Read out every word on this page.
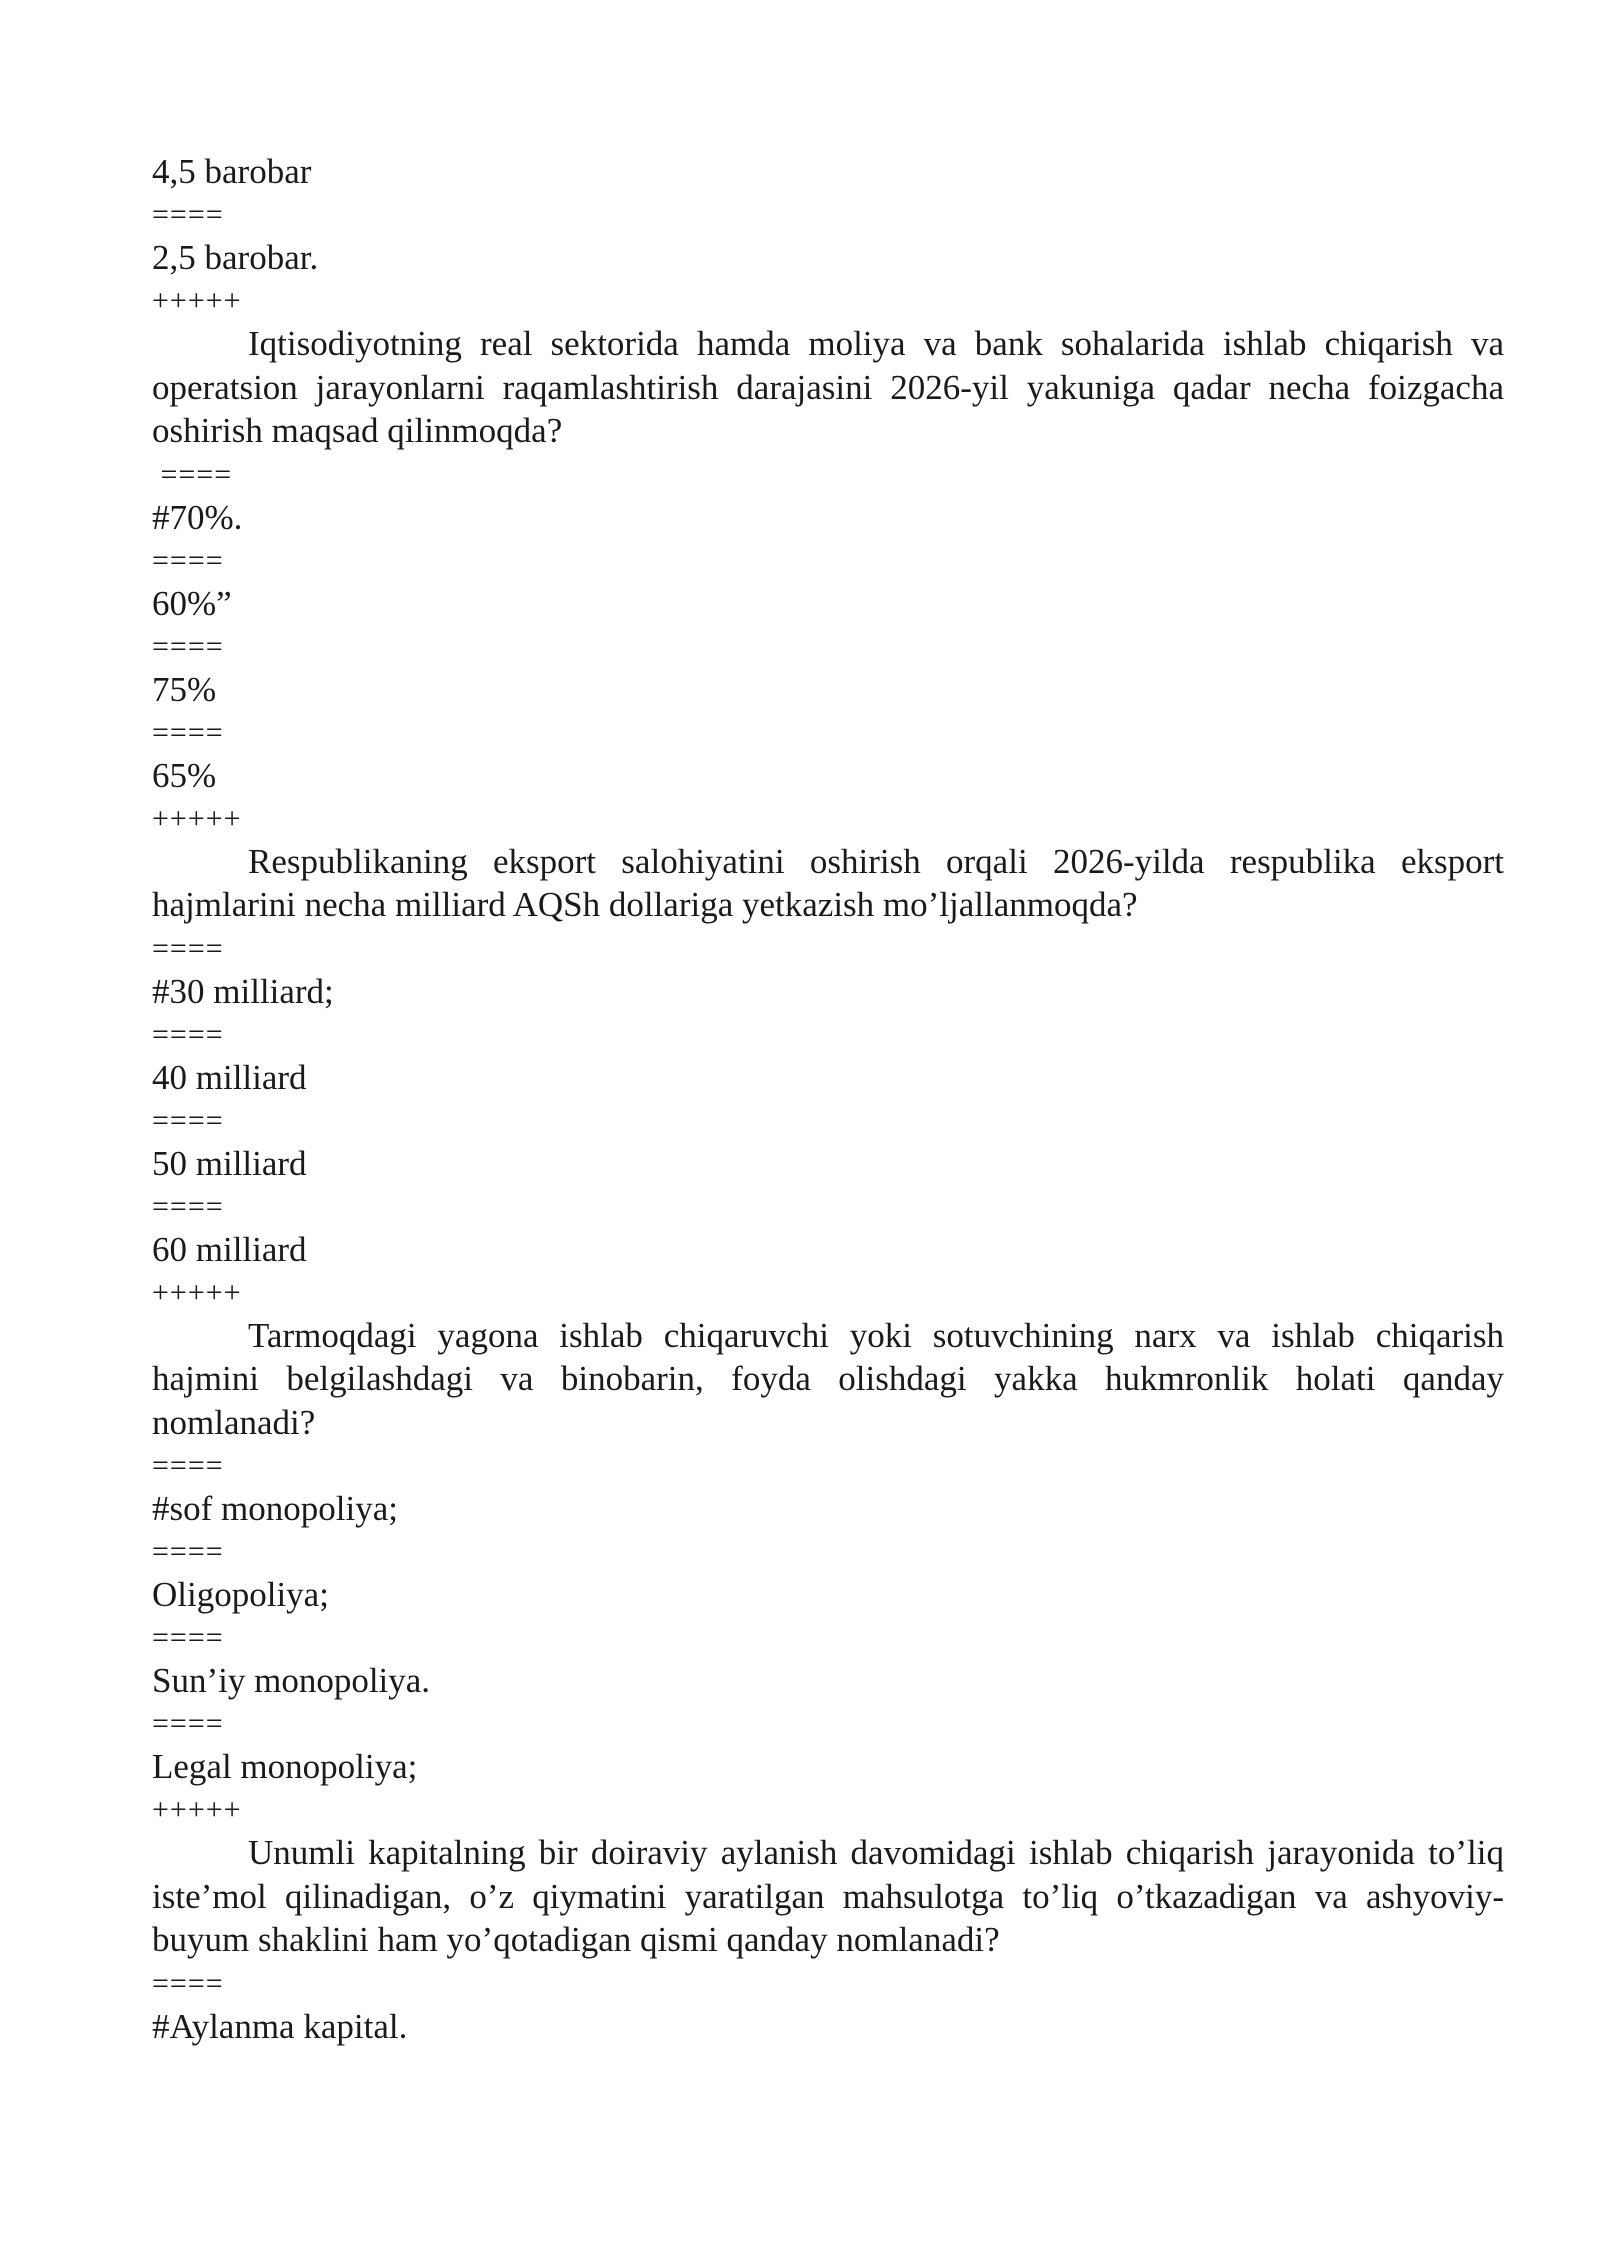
4,5 barobar
====
2,5 barobar.
+++++

Iqtisodiyotning real sektorida hamda moliya va bank sohalarida ishlab chiqarish va operatsion jarayonlarni raqamlashtirish darajasini 2026-yil yakuniga qadar necha foizgacha oshirish maqsad qilinmoqda?

====
#70%.
====
60%”
====
75%
====
65%
+++++

Respublikaning eksport salohiyatini oshirish orqali 2026-yilda respublika eksport hajmlarini necha milliard AQSh dollariga yetkazish mo’ljallanmoqda?

====
#30 milliard;
====
40 milliard
====
50 milliard
====
60 milliard
+++++

Tarmoqdagi yagona ishlab chiqaruvchi yoki sotuvchining narx va ishlab chiqarish hajmini belgilashdagi va binobarin, foyda olishdagi yakka hukmronlik holati qanday nomlanadi?

====
#sof monopoliya;
====
Oligopoliya;
====
Sun’iy monopoliya.
====
Legal monopoliya;
+++++

Unumli kapitalning bir doiraviy aylanish davomidagi ishlab chiqarish jarayonida to’liq iste’mol qilinadigan, o’z qiymatini yaratilgan mahsulotga to’liq o’tkazadigan va ashyoviy-buyum shaklini ham yo’qotadigan qismi qanday nomlanadi?

====
#Aylanma kapital.
